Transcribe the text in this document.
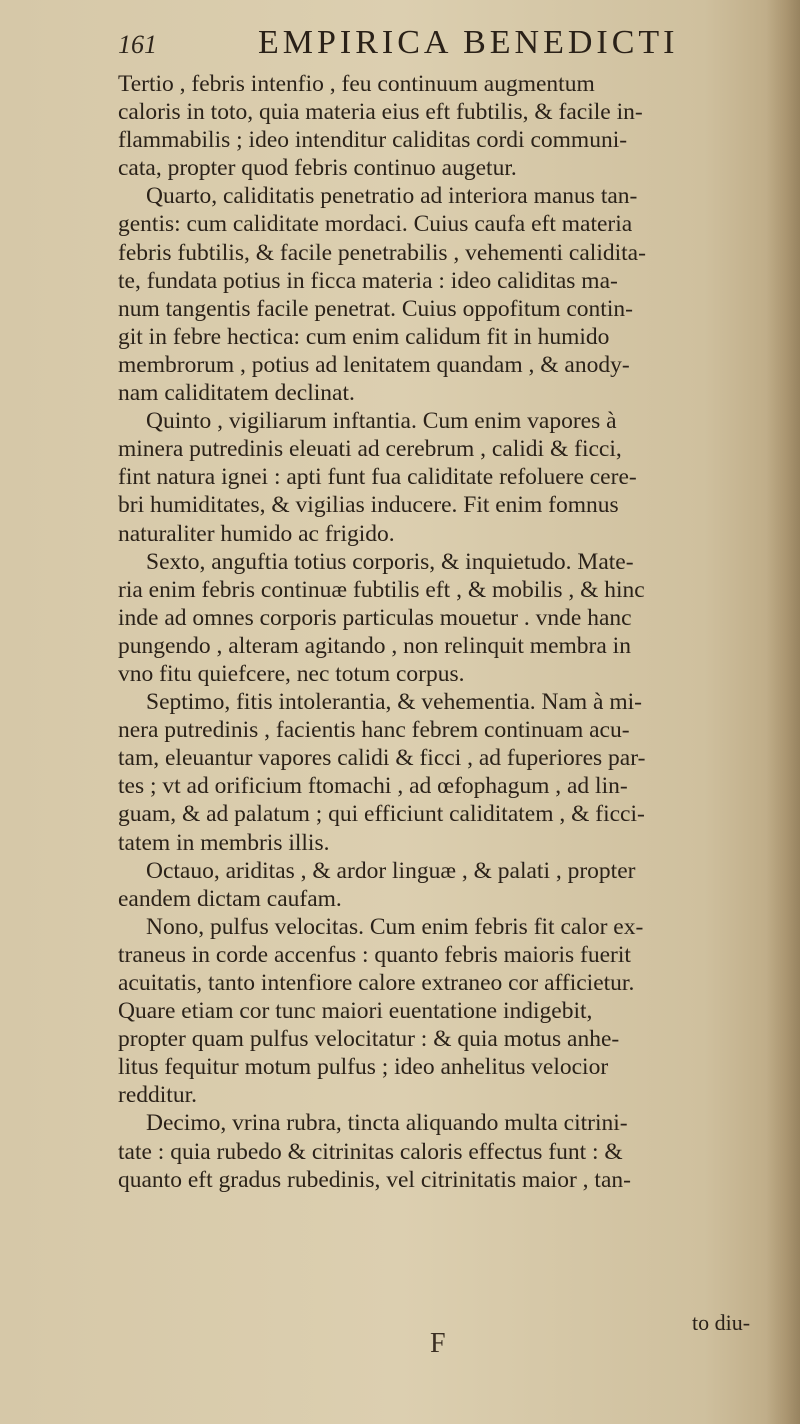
161	EMPIRICA BENEDICTI
Tertio , febris intenfio , feu continuum augmentum
caloris in toto, quia materia eius eft fubtilis, & facile in-
flammabilis ; ideo intenditur caliditas cordi communi-
cata, propter quod febris continuo augetur.
Quarto, caliditatis penetratio ad interiora manus tan-
gentis: cum caliditate mordaci. Cuius caufa eft materia
febris fubtilis, & facile penetrabilis , vehementi calidita-
te, fundata potius in ficca materia : ideo caliditas ma-
num tangentis facile penetrat. Cuius oppofitum contin-
git in febre hectica: cum enim calidum fit in humido
membrorum , potius ad lenitatem quandam , & anody-
nam caliditatem declinat.
Quinto , vigiliarum inftantia. Cum enim vapores à
minera putredinis eleuati ad cerebrum , calidi & ficci,
fint natura ignei : apti funt fua caliditate refoluere cere-
bri humiditates, & vigilias inducere. Fit enim fomnus
naturaliter humido ac frigido.
Sexto, anguftia totius corporis, & inquietudo. Mate-
ria enim febris continuæ fubtilis eft , & mobilis , & hinc
inde ad omnes corporis particulas mouetur . vnde hanc
pungendo , alteram agitando , non relinquit membra in
vno fitu quiefcere, nec totum corpus.
Septimo, fitis intolerantia, & vehementia. Nam à mi-
nera putredinis , facientis hanc febrem continuam acu-
tam, eleuantur vapores calidi & ficci , ad fuperiores par-
tes ; vt ad orificium ftomachi , ad œfophagum , ad lin-
guam, & ad palatum ; qui efficiunt caliditatem , & ficci-
tatem in membris illis.
Octauo, ariditas , & ardor linguæ , & palati , propter
eandem dictam caufam.
Nono, pulfus velocitas. Cum enim febris fit calor ex-
traneus in corde accenfus : quanto febris maioris fuerit
acuitatis, tanto intenfiore calore extraneo cor afficietur.
Quare etiam cor tunc maiori euentatione indigebit,
propter quam pulfus velocitatur : & quia motus anhe-
litus fequitur motum pulfus ; ideo anhelitus velocior
redditur.
Decimo, vrina rubra, tincta aliquando multa citrini-
tate : quia rubedo & citrinitas caloris effectus funt : &
quanto eft gradus rubedinis, vel citrinitatis maior , tan-
F
to diu-
